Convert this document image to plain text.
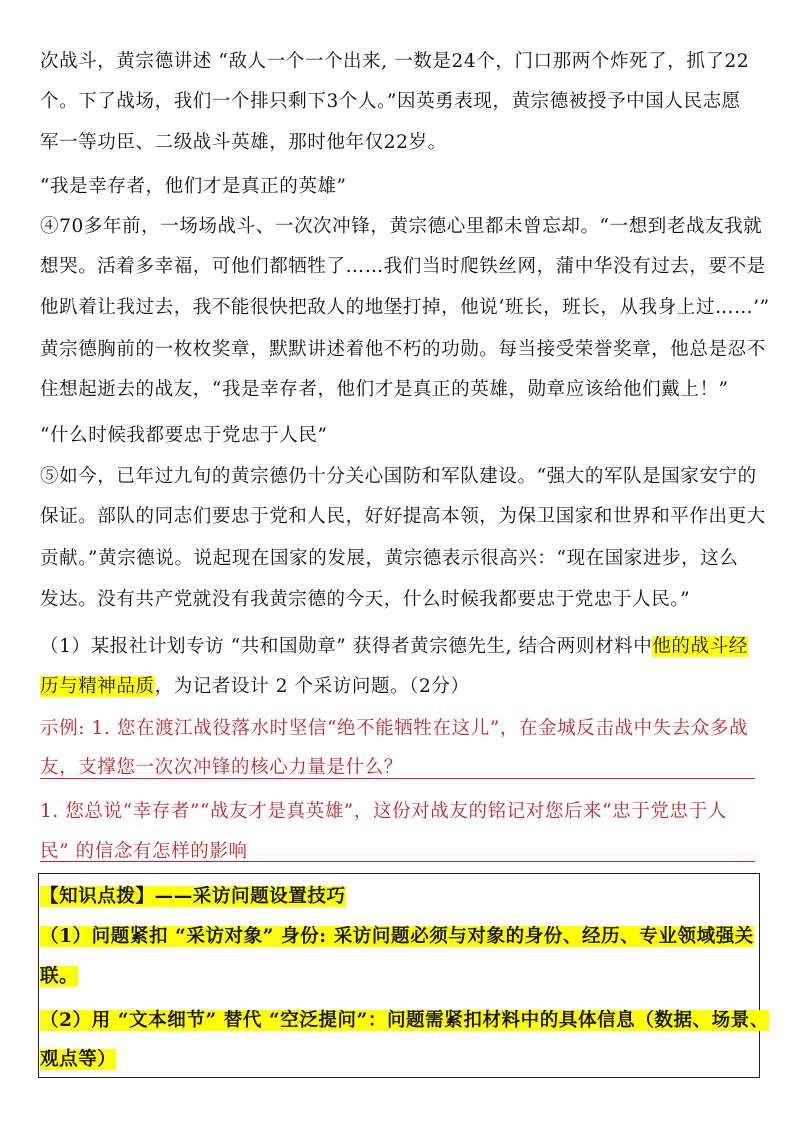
次战斗，黄宗德讲述 “敌人一个一个出来, 一数是24个，门口那两个炸死了，抓了22
个。下了战场，我们一个排只剩下3个人。”因英勇表现，黄宗德被授予中国人民志愿
军一等功臣、二级战斗英雄，那时他年仅22岁。
“我是幸存者，他们才是真正的英雄”
④70多年前，一场场战斗、一次次冲锋，黄宗德心里都未曾忘却。“一想到老战友我就
想哭。活着多幸福，可他们都牺牲了……我们当时爬铁丝网，蒲中华没有过去，要不是
他趴着让我过去，我不能很快把敌人的地堡打掉，他说‘班长，班长，从我身上过……’”
黄宗德胸前的一枚枚奖章，默默讲述着他不朽的功勋。每当接受荣誉奖章，他总是忍不
住想起逝去的战友，“我是幸存者，他们才是真正的英雄，勋章应该给他们戴上！”
“什么时候我都要忠于党忠于人民”
⑤如今，已年过九旬的黄宗德仍十分关心国防和军队建设。“强大的军队是国家安宁的
保证。部队的同志们要忠于党和人民，好好提高本领，为保卫国家和世界和平作出更大
贡献。”黄宗德说。说起现在国家的发展，黄宗德表示很高兴：“现在国家进步，这么
发达。没有共产党就没有我黄宗德的今天，什么时候我都要忠于党忠于人民。”
（1）某报社计划专访 “共和国勋章” 获得者黄宗德先生, 结合两则材料中他的战斗经
历与精神品质，为记者设计 2 个采访问题。（2分）
示例: 1. 您在渡江战役落水时坚信“绝不能牺牲在这儿”，在金城反击战中失去众多战
友，支撑您一次次冲锋的核心力量是什么？
1. 您总说“幸存者”“战友才是真英雄”，这份对战友的铭记对您后来“忠于党忠于人
民” 的信念有怎样的影响
【知识点拨】——采访问题设置技巧
（1）问题紧扣 “采访对象” 身份: 采访问题必须与对象的身份、经历、专业领域强关
联。
（2）用 “文本细节” 替代 “空泛提问”：问题需紧扣材料中的具体信息（数据、场景、
观点等）
